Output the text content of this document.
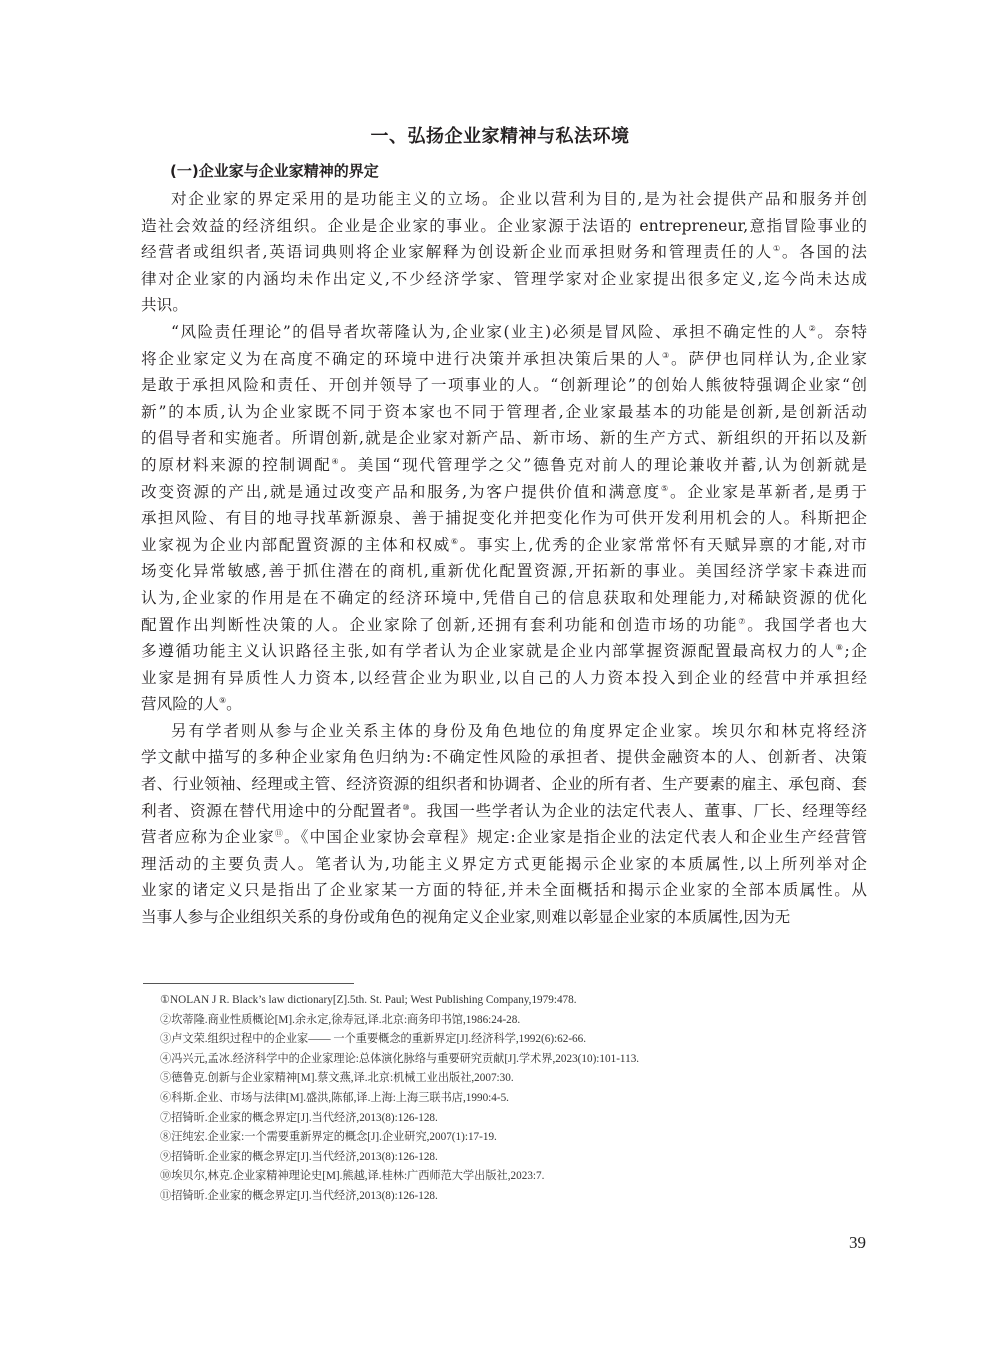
一、弘扬企业家精神与私法环境
(一)企业家与企业家精神的界定
对企业家的界定采用的是功能主义的立场。企业以营利为目的,是为社会提供产品和服务并创
造社会效益的经济组织。企业是企业家的事业。企业家源于法语的 entrepreneur,意指冒险事业的
经营者或组织者,英语词典则将企业家解释为创设新企业而承担财务和管理责任的人①。各国的法
律对企业家的内涵均未作出定义,不少经济学家、管理学家对企业家提出很多定义,迄今尚未达成
共识。
“风险责任理论”的倡导者坎蒂隆认为,企业家(业主)必须是冒风险、承担不确定性的人②。奈特
将企业家定义为在高度不确定的环境中进行决策并承担决策后果的人③。萨伊也同样认为,企业家
是敢于承担风险和责任、开创并领导了一项事业的人。“创新理论”的创始人熊彼特强调企业家“创
新”的本质,认为企业家既不同于资本家也不同于管理者,企业家最基本的功能是创新,是创新活动
的倡导者和实施者。所谓创新,就是企业家对新产品、新市场、新的生产方式、新组织的开拓以及新
的原材料来源的控制调配④。美国“现代管理学之父”德鲁克对前人的理论兼收并蓄,认为创新就是
改变资源的产出,就是通过改变产品和服务,为客户提供价值和满意度⑤。企业家是革新者,是勇于
承担风险、有目的地寻找革新源泉、善于捕捉变化并把变化作为可供开发利用机会的人。科斯把企
业家视为企业内部配置资源的主体和权威⑥。事实上,优秀的企业家常常怀有天赋异禀的才能,对市
场变化异常敏感,善于抓住潜在的商机,重新优化配置资源,开拓新的事业。美国经济学家卡森进而
认为,企业家的作用是在不确定的经济环境中,凭借自己的信息获取和处理能力,对稀缺资源的优化
配置作出判断性决策的人。企业家除了创新,还拥有套利功能和创造市场的功能⑦。我国学者也大
多遵循功能主义认识路径主张,如有学者认为企业家就是企业内部掌握资源配置最高权力的人⑧;企
业家是拥有异质性人力资本,以经营企业为职业,以自己的人力资本投入到企业的经营中并承担经
营风险的人⑨。
另有学者则从参与企业关系主体的身份及角色地位的角度界定企业家。埃贝尔和林克将经济
学文献中描写的多种企业家角色归纳为:不确定性风险的承担者、提供金融资本的人、创新者、决策
者、行业领袖、经理或主管、经济资源的组织者和协调者、企业的所有者、生产要素的雇主、承包商、套
利者、资源在替代用途中的分配置者⑩。我国一些学者认为企业的法定代表人、董事、厂长、经理等经
营者应称为企业家⑪。《中国企业家协会章程》规定:企业家是指企业的法定代表人和企业生产经营管
理活动的主要负责人。笔者认为,功能主义界定方式更能揭示企业家的本质属性,以上所列举对企
业家的诸定义只是指出了企业家某一方面的特征,并未全面概括和揭示企业家的全部本质属性。从
当事人参与企业组织关系的身份或角色的视角定义企业家,则难以彰显企业家的本质属性,因为无
①NOLAN J R. Black’s law dictionary[Z].5th. St. Paul; West Publishing Company,1979:478.
②坎蒂隆.商业性质概论[M].余永定,徐寿冠,译.北京:商务印书馆,1986:24-28.
③卢文荣.组织过程中的企业家—— 一个重要概念的重新界定[J].经济科学,1992(6):62-66.
④冯兴元,孟冰.经济科学中的企业家理论:总体演化脉络与重要研究贡献[J].学术界,2023(10):101-113.
⑤德鲁克.创新与企业家精神[M].蔡文燕,译.北京:机械工业出版社,2007:30.
⑥科斯.企业、市场与法律[M].盛洪,陈郁,译.上海:上海三联书店,1990:4-5.
⑦招锜昕.企业家的概念界定[J].当代经济,2013(8):126-128.
⑧汪纯宏.企业家:一个需要重新界定的概念[J].企业研究,2007(1):17-19.
⑨招锜昕.企业家的概念界定[J].当代经济,2013(8):126-128.
⑩埃贝尔,林克.企业家精神理论史[M].熊越,译.桂林:广西师范大学出版社,2023:7.
⑪招锜昕.企业家的概念界定[J].当代经济,2013(8):126-128.
39
